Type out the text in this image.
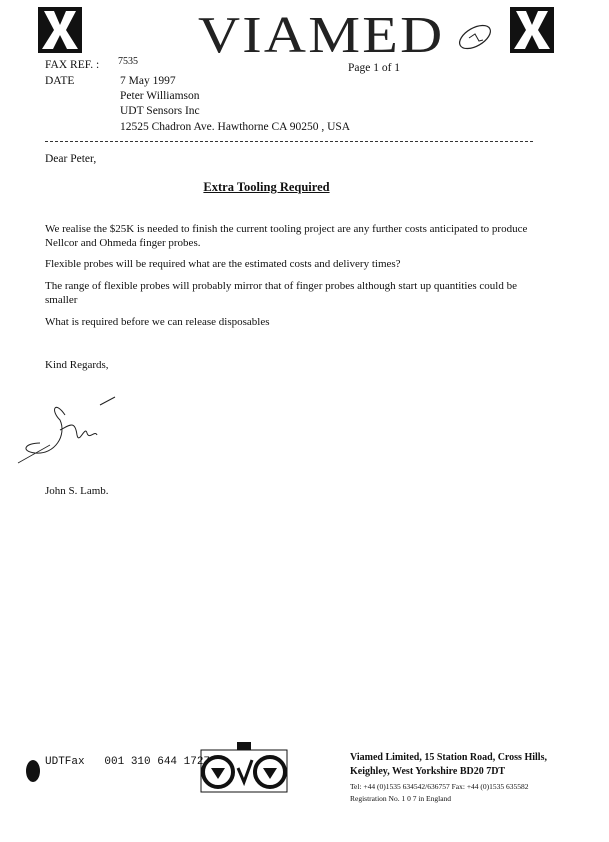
VIAMED
FAX REF. : 7535
Page 1 of 1
DATE	7 May 1997
Peter Williamson
UDT Sensors Inc
12525 Chadron Ave. Hawthorne CA 90250 , USA
Dear Peter,
Extra Tooling Required
We realise the $25K is needed to finish the current tooling project are any further costs anticipated to produce Nellcor and Ohmeda finger probes.
Flexible probes will be required what are the estimated costs and delivery times?
The range of flexible probes will probably mirror that of finger probes although start up quantities could be smaller
What is required before we can release disposables
Kind Regards,
John S. Lamb.
UDTFax   001 310 644 1727	Viamed Limited, 15 Station Road, Cross Hills,
Keighley, West Yorkshire BD20 7DT
Tel: +44 (0)1535 634542/636757 Fax: +44 (0)1535 635582
Registration No. 1 0 7 in England
